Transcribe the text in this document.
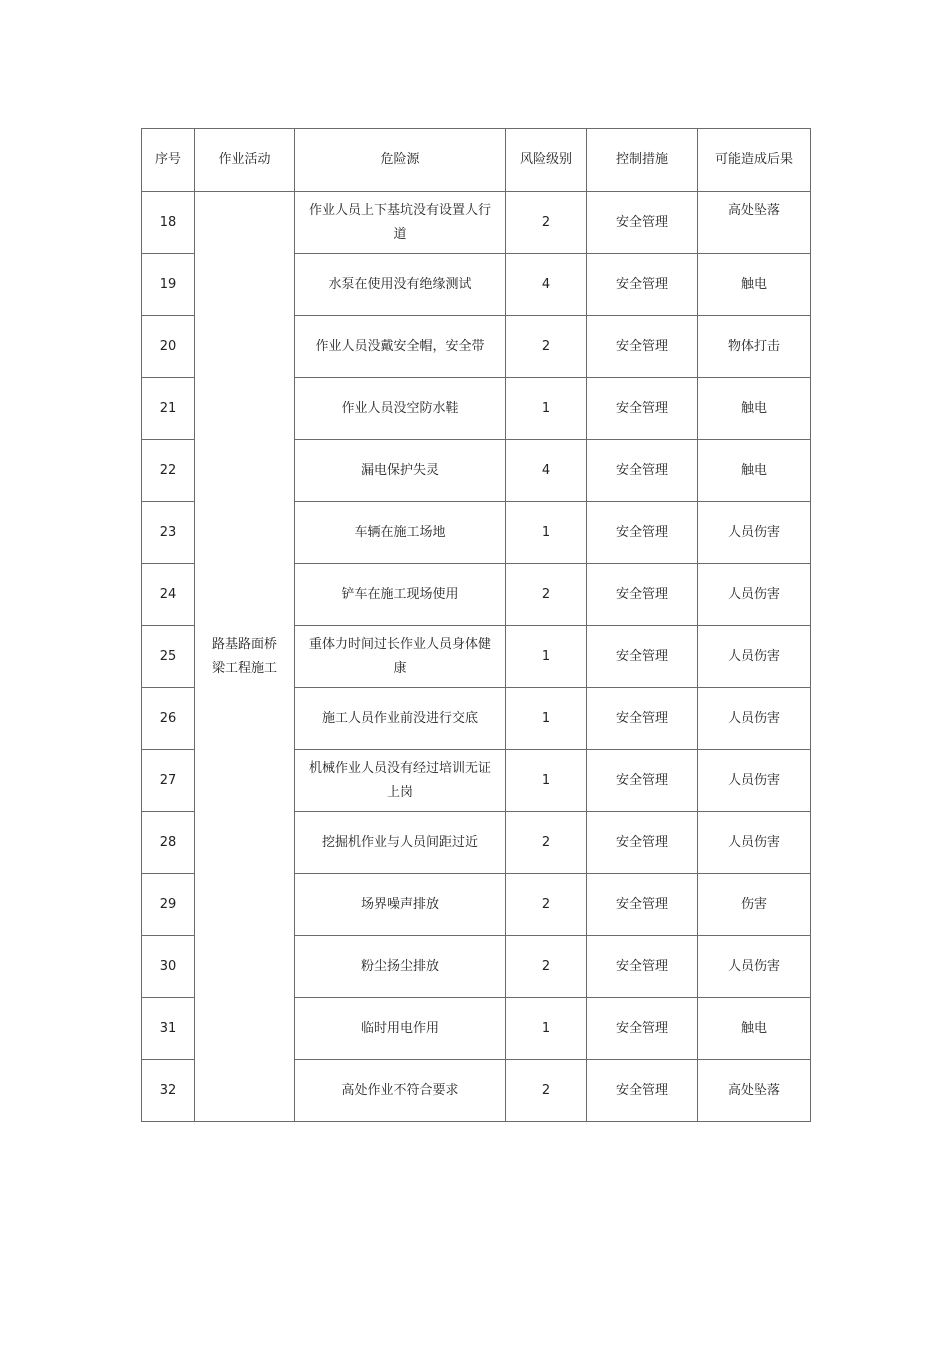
序号	作业活动	危险源	风险级别	控制措施	可能造成后果
18	路基路面桥梁工程施工	作业人员上下基坑没有设置人行道	2	安全管理	高处坠落
19		水泵在使用没有绝缘测试	4	安全管理	触电
20		作业人员没戴安全帽，安全带	2	安全管理	物体打击
21		作业人员没空防水鞋	1	安全管理	触电
22		漏电保护失灵	4	安全管理	触电
23		车辆在施工场地	1	安全管理	人员伤害
24		铲车在施工现场使用	2	安全管理	人员伤害
25		重体力时间过长作业人员身体健康	1	安全管理	人员伤害
26		施工人员作业前没进行交底	1	安全管理	人员伤害
27		机械作业人员没有经过培训无证上岗	1	安全管理	人员伤害
28		挖掘机作业与人员间距过近	2	安全管理	人员伤害
29		场界噪声排放	2	安全管理	伤害
30		粉尘扬尘排放	2	安全管理	人员伤害
31		临时用电作用	1	安全管理	触电
32		高处作业不符合要求	2	安全管理	高处坠落
